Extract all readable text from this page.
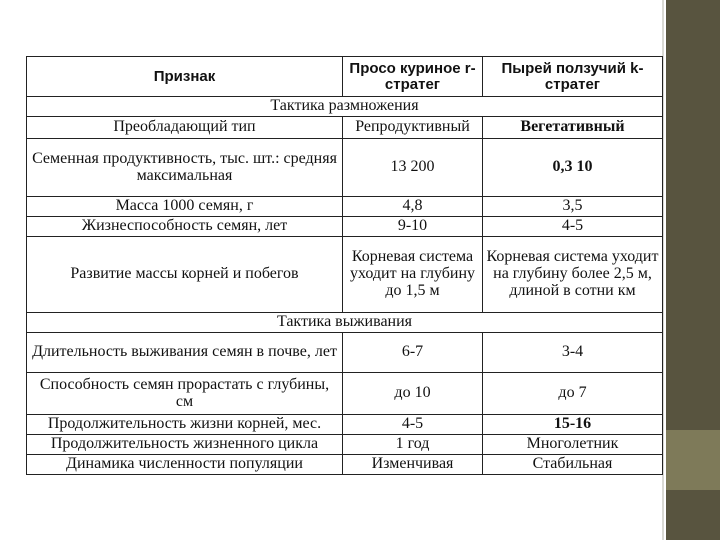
Признак	Просо куриное r-стратег	Пырей ползучий k-стратег
Тактика размножения		
Преобладающий тип	Репродуктивный	Вегетативный
Семенная продуктивность, тыс. шт.: средняя максимальная	13 200	0,3 10
Масса 1000 семян, г	4,8	3,5
Жизнеспособность семян, лет	9-10	4-5
Развитие массы корней и побегов	Корневая система уходит на глубину до 1,5 м	Корневая система уходит на глубину более 2,5 м, длиной в сотни км
Тактика выживания		
Длительность выживания семян в почве, лет	6-7	3-4
Способность семян прорастать с глубины, см	до 10	до 7
Продолжительность жизни корней, мес.	4-5	15-16
Продолжительность жизненного цикла	1 год	Многолетник
Динамика численности популяции	Изменчивая	Стабильная
